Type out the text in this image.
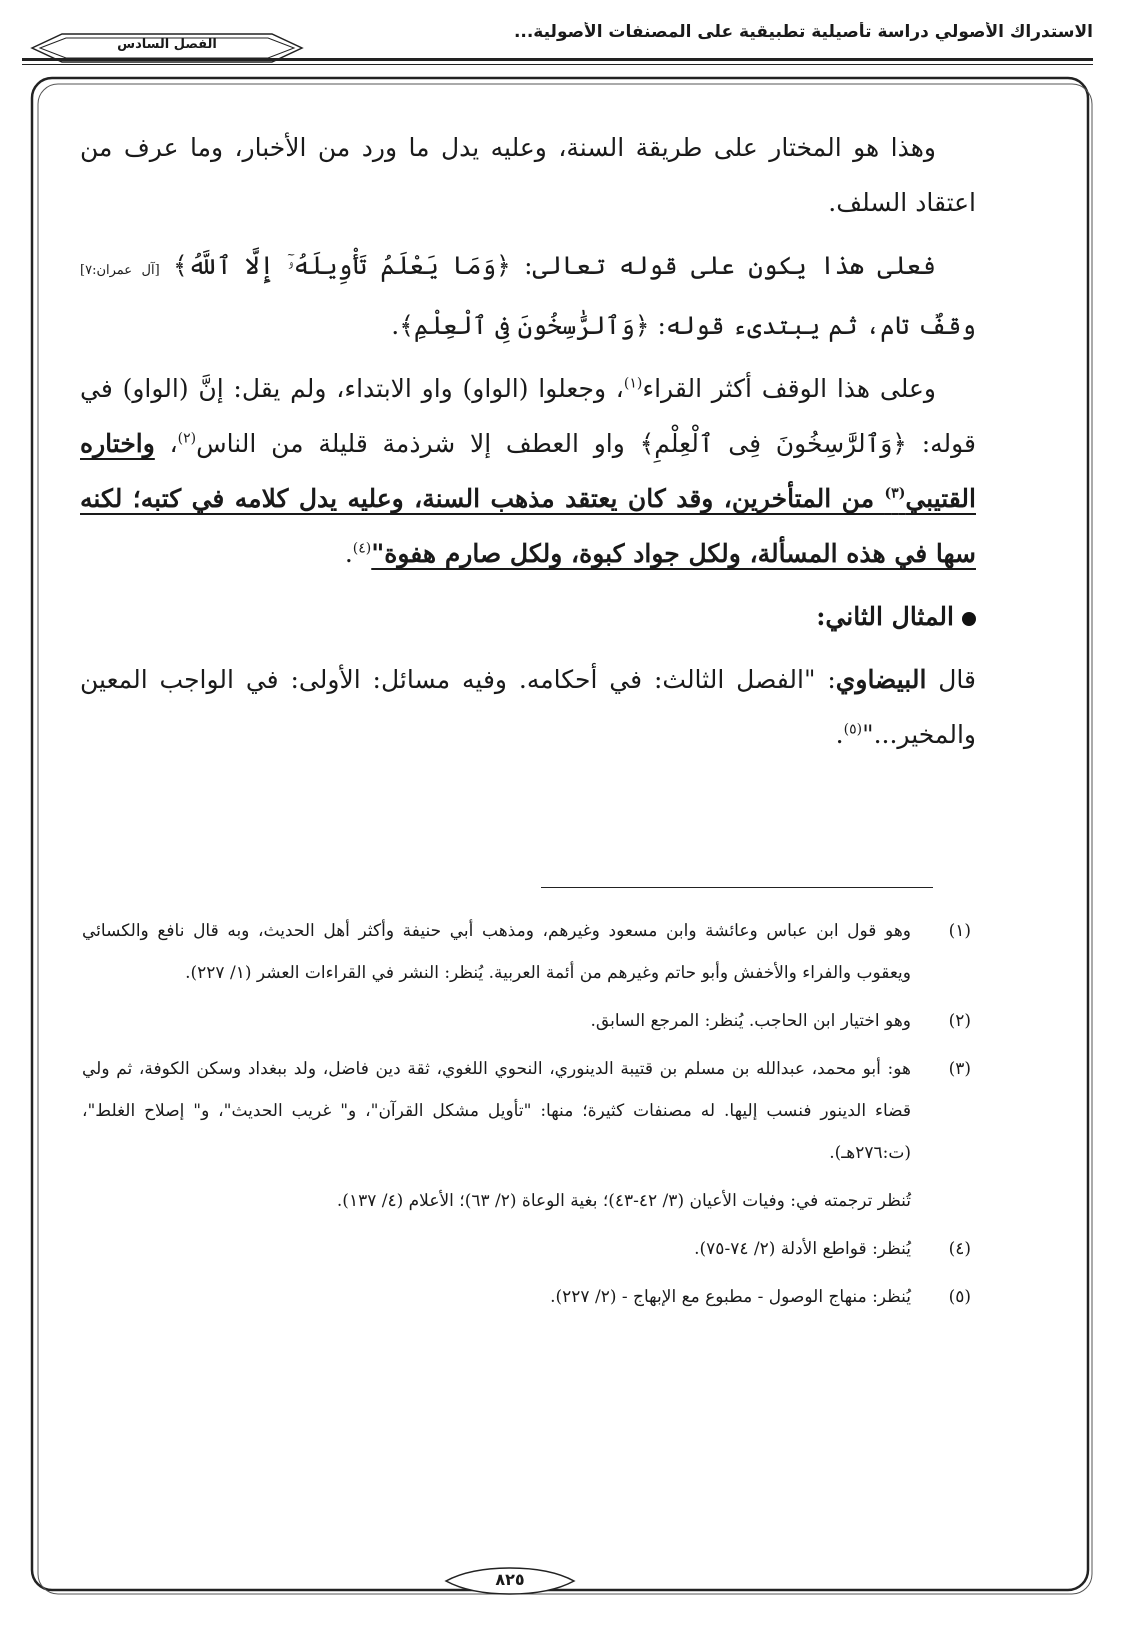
الاستدراك الأصولي دراسة تأصيلية تطبيقية على المصنفات الأصولية...
الفصل السادس

وهذا هو المختار على طريقة السنة، وعليه يدل ما ورد من الأخبار، وما عرف من اعتقاد السلف.

فعلى هذا يكون على قوله تعالى: ﴿وَمَا يَعْلَمُ تَأْوِيلَهُۥٓ إِلَّا ٱللَّهُ﴾ [آل عمران:٧] وقفٌ تام، ثم يبتدىء قوله: ﴿وَٱلرَّٰسِخُونَ فِى ٱلْعِلْمِ﴾.

وعلى هذا الوقف أكثر القراء$^{(١)}$، وجعلوا (الواو) واو الابتداء، ولم يقل: إنَّ (الواو) في قوله: ﴿وَٱلرَّٰسِخُونَ فِى ٱلْعِلْمِ﴾ واو العطف إلا شرذمة قليلة من الناس$^{(٢)}$، واختاره القتيبي$^{(٣)}$ من المتأخرين، وقد كان يعتقد مذهب السنة، وعليه يدل كلامه في كتبه؛ لكنه سها في هذه المسألة، ولكل جواد كبوة، ولكل صارم هفوة"$^{(٤)}$.

المثال الثاني:

قال البيضاوي: "الفصل الثالث: في أحكامه. وفيه مسائل: الأولى: في الواجب المعين والمخير..."$^{(٥)}$.

(١)
وهو قول ابن عباس وعائشة وابن مسعود وغيرهم، ومذهب أبي حنيفة وأكثر أهل الحديث، وبه قال نافع والكسائي ويعقوب والفراء والأخفش وأبو حاتم وغيرهم من أئمة العربية. يُنظر: النشر في القراءات العشر (١/ ٢٢٧).
(٢)
وهو اختيار ابن الحاجب. يُنظر: المرجع السابق.
(٣)
هو: أبو محمد، عبدالله بن مسلم بن قتيبة الدينوري، النحوي اللغوي، ثقة دين فاضل، ولد ببغداد وسكن الكوفة، ثم ولي قضاء الدينور فنسب إليها. له مصنفات كثيرة؛ منها: "تأويل مشكل القرآن"، و" غريب الحديث"، و" إصلاح الغلط"، (ت:٢٧٦هـ).
تُنظر ترجمته في: وفيات الأعيان (٣/ ٤٢-٤٣)؛ بغية الوعاة (٢/ ٦٣)؛ الأعلام (٤/ ١٣٧).
(٤)
يُنظر: قواطع الأدلة (٢/ ٧٤-٧٥).
(٥)
يُنظر: منهاج الوصول - مطبوع مع الإبهاج - (٢/ ٢٢٧).
٨٢٥
